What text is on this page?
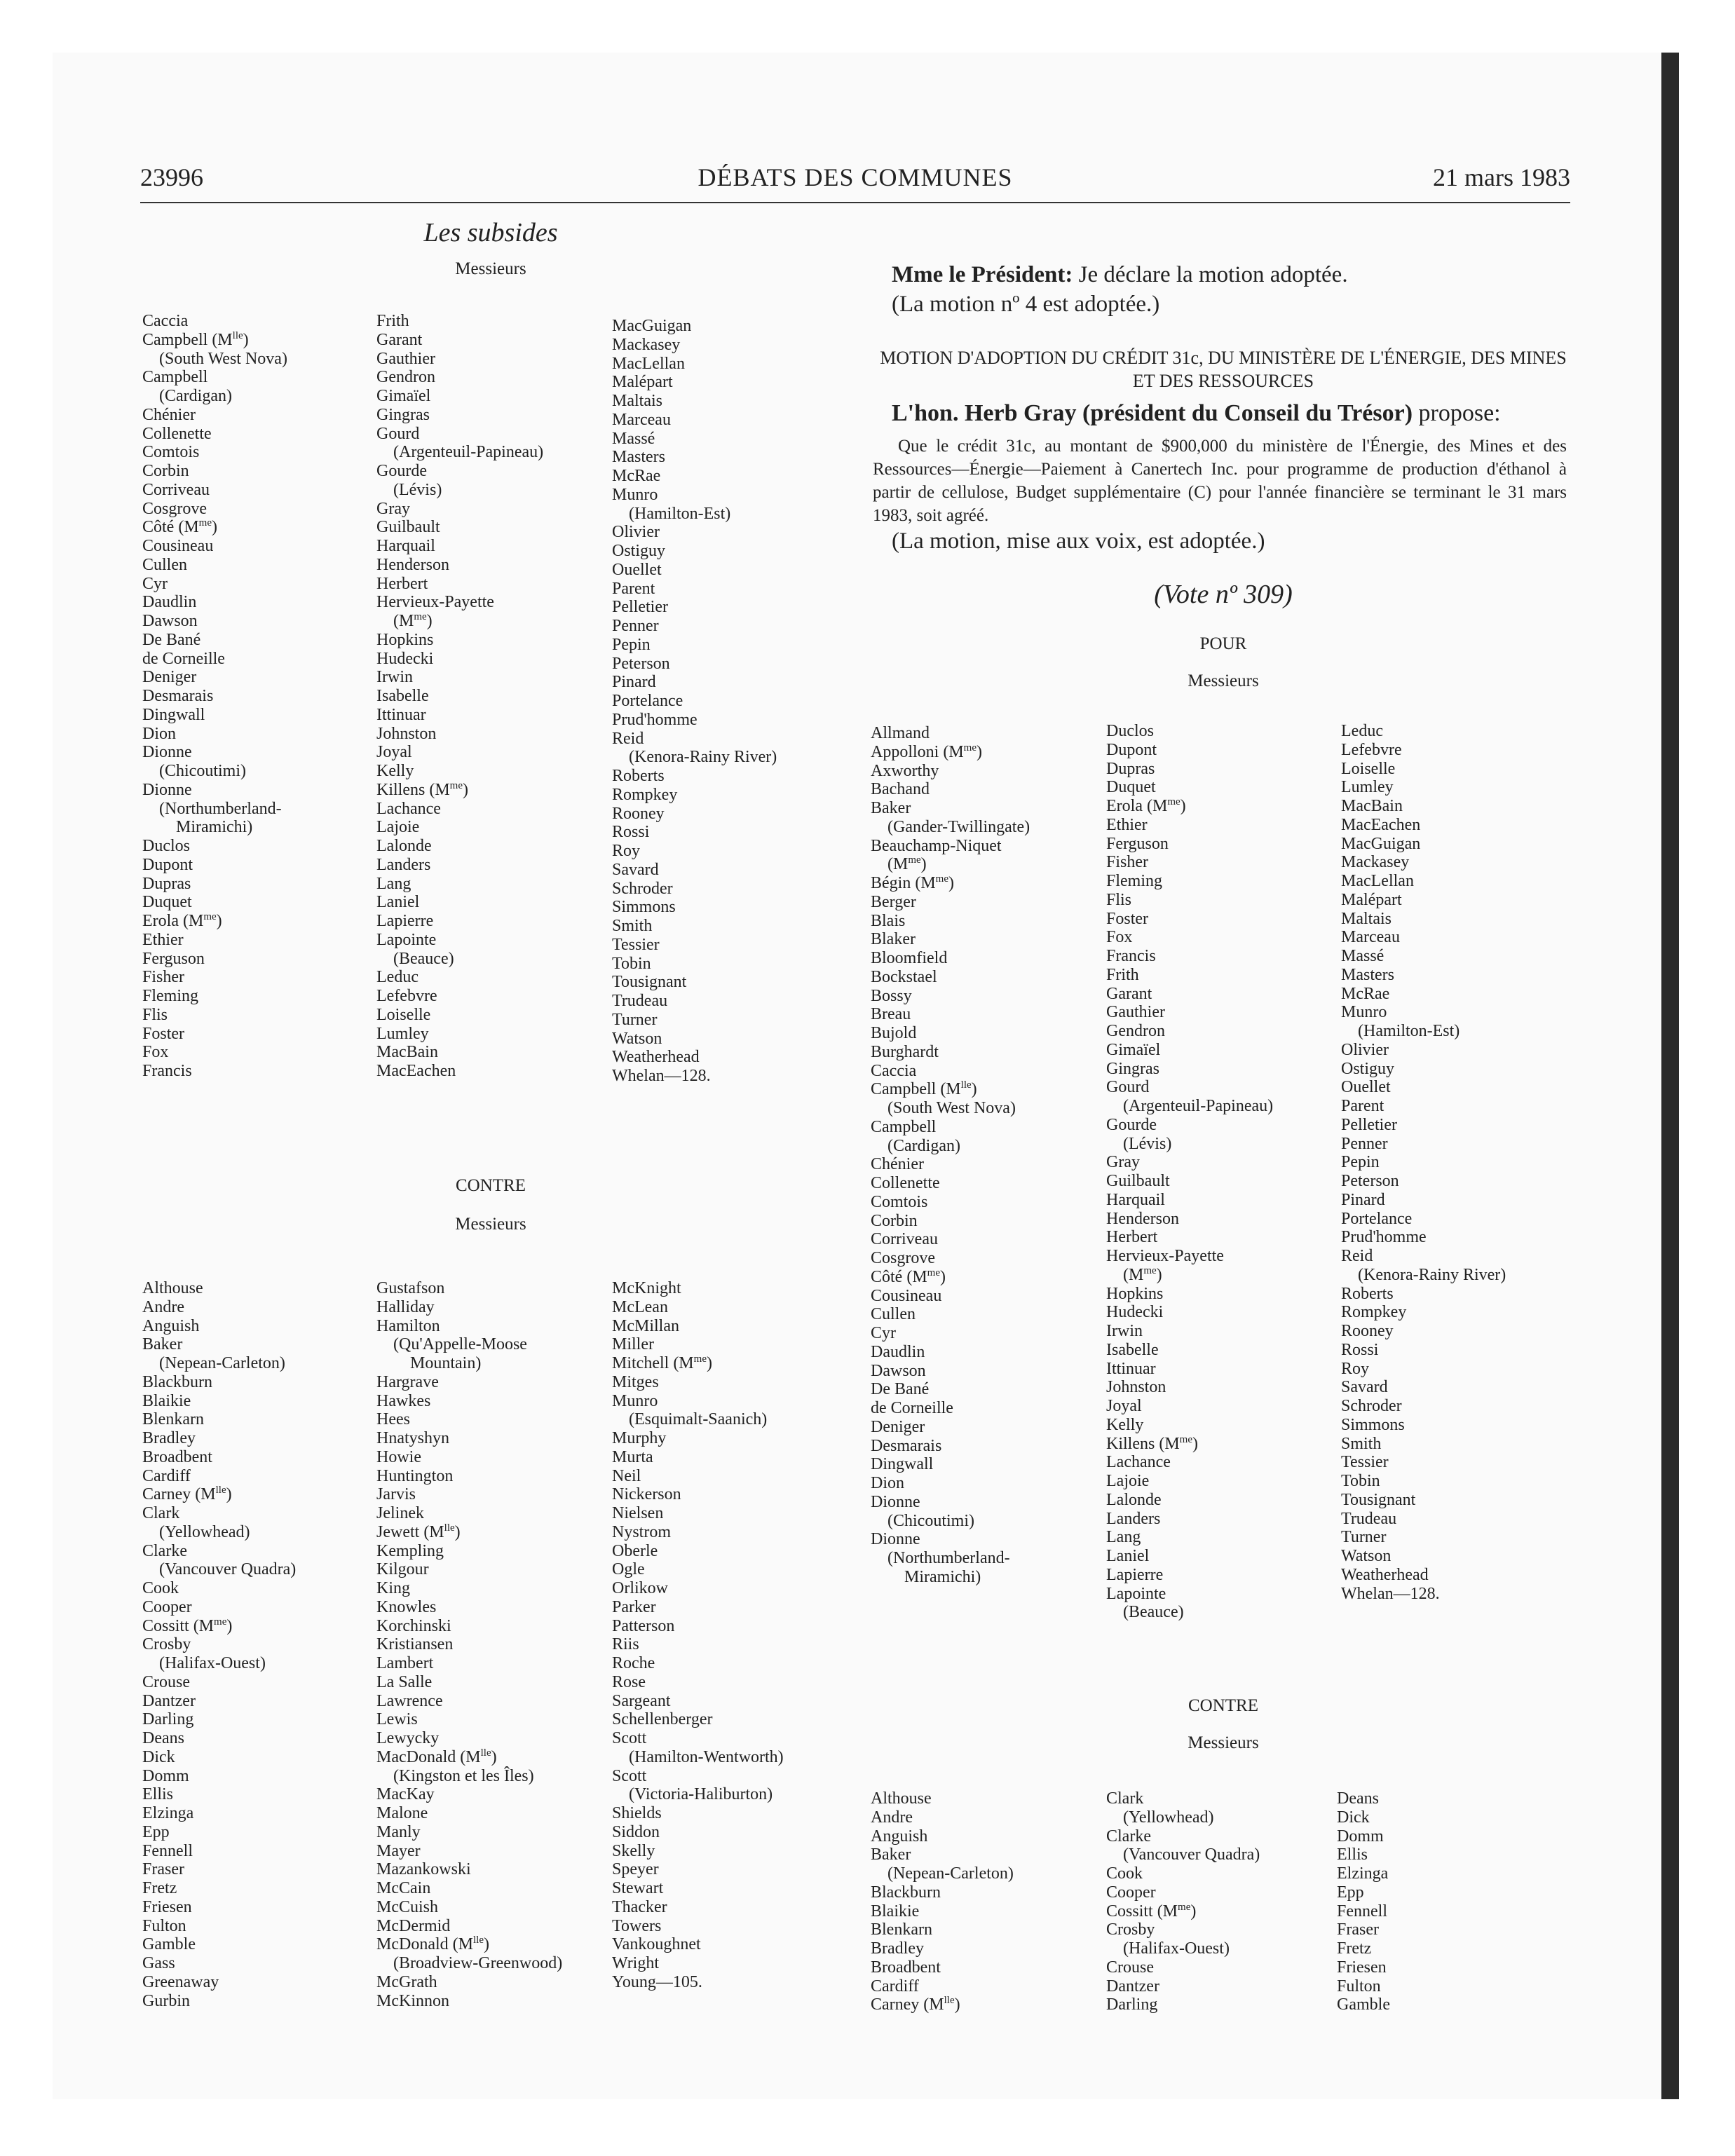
23996	DÉBATS DES COMMUNES	21 mars 1983
Les subsides
Messieurs
Caccia
Campbell $(M^{lle})$
(South West Nova)
Campbell
(Cardigan)
Chénier
Collenette
Comtois
Corbin
Corriveau
Cosgrove
Côté $(M^{me})$
Cousineau
Cullen
Cyr
Daudlin
Dawson
De Bané
de Corneille
Deniger
Desmarais
Dingwall
Dion
Dionne
(Chicoutimi)
Dionne
(Northumberland-
Miramichi)
Duclos
Dupont
Dupras
Duquet
Erola $(M^{me})$
Ethier
Ferguson
Fisher
Fleming
Flis
Foster
Fox
Francis
Frith
Garant
Gauthier
Gendron
Gimaïel
Gingras
Gourd
(Argenteuil-Papineau)
Gourde
(Lévis)
Gray
Guilbault
Harquail
Henderson
Herbert
Hervieux-Payette
$(M^{me})$
Hopkins
Hudecki
Irwin
Isabelle
Ittinuar
Johnston
Joyal
Kelly
Killens $(M^{me})$
Lachance
Lajoie
Lalonde
Landers
Lang
Laniel
Lapierre
Lapointe
(Beauce)
Leduc
Lefebvre
Loiselle
Lumley
MacBain
MacEachen
MacGuigan
Mackasey
MacLellan
Malépart
Maltais
Marceau
Massé
Masters
McRae
Munro
(Hamilton-Est)
Olivier
Ostiguy
Ouellet
Parent
Pelletier
Penner
Pepin
Peterson
Pinard
Portelance
Prud'homme
Reid
(Kenora-Rainy River)
Roberts
Rompkey
Rooney
Rossi
Roy
Savard
Schroder
Simmons
Smith
Tessier
Tobin
Tousignant
Trudeau
Turner
Watson
Weatherhead
Whelan—128.
CONTRE
Messieurs
Althouse
Andre
Anguish
Baker
(Nepean-Carleton)
Blackburn
Blaikie
Blenkarn
Bradley
Broadbent
Cardiff
Carney $(M^{lle})$
Clark
(Yellowhead)
Clarke
(Vancouver Quadra)
Cook
Cooper
Cossitt $(M^{me})$
Crosby
(Halifax-Ouest)
Crouse
Dantzer
Darling
Deans
Dick
Domm
Ellis
Elzinga
Epp
Fennell
Fraser
Fretz
Friesen
Fulton
Gamble
Gass
Greenaway
Gurbin
Gustafson
Halliday
Hamilton
(Qu'Appelle-Moose
Mountain)
Hargrave
Hawkes
Hees
Hnatyshyn
Howie
Huntington
Jarvis
Jelinek
Jewett $(M^{lle})$
Kempling
Kilgour
King
Knowles
Korchinski
Kristiansen
Lambert
La Salle
Lawrence
Lewis
Lewycky
MacDonald $(M^{lle})$
(Kingston et les Îles)
MacKay
Malone
Manly
Mayer
Mazankowski
McCain
McCuish
McDermid
McDonald $(M^{lle})$
(Broadview-Greenwood)
McGrath
McKinnon
McKnight
McLean
McMillan
Miller
Mitchell $(M^{me})$
Mitges
Munro
(Esquimalt-Saanich)
Murphy
Murta
Neil
Nickerson
Nielsen
Nystrom
Oberle
Ogle
Orlikow
Parker
Patterson
Riis
Roche
Rose
Sargeant
Schellenberger
Scott
(Hamilton-Wentworth)
Scott
(Victoria-Haliburton)
Shields
Siddon
Skelly
Speyer
Stewart
Thacker
Towers
Vankoughnet
Wright
Young—105.
Mme le Président: Je déclare la motion adoptée.
(La motion nº 4 est adoptée.)
MOTION D'ADOPTION DU CRÉDIT 31c, DU MINISTÈRE DE L'ÉNERGIE, DES MINES ET DES RESSOURCES
L'hon. Herb Gray (président du Conseil du Trésor) propose:
Que le crédit 31c, au montant de $900,000 du ministère de l'Énergie, des Mines et des Ressources—Énergie—Paiement à Canertech Inc. pour programme de production d'éthanol à partir de cellulose, Budget supplémentaire (C) pour l'année financière se terminant le 31 mars 1983, soit agréé.
(La motion, mise aux voix, est adoptée.)
(Vote nº 309)
POUR
Messieurs
Allmand
Appolloni $(M^{me})$
Axworthy
Bachand
Baker
(Gander-Twillingate)
Beauchamp-Niquet
$(M^{me})$
Bégin $(M^{me})$
Berger
Blais
Blaker
Bloomfield
Bockstael
Bossy
Breau
Bujold
Burghardt
Caccia
Campbell $(M^{lle})$
(South West Nova)
Campbell
(Cardigan)
Chénier
Collenette
Comtois
Corbin
Corriveau
Cosgrove
Côté $(M^{me})$
Cousineau
Cullen
Cyr
Daudlin
Dawson
De Bané
de Corneille
Deniger
Desmarais
Dingwall
Dion
Dionne
(Chicoutimi)
Dionne
(Northumberland-
Miramichi)
Duclos
Dupont
Dupras
Duquet
Erola $(M^{me})$
Ethier
Ferguson
Fisher
Fleming
Flis
Foster
Fox
Francis
Frith
Garant
Gauthier
Gendron
Gimaïel
Gingras
Gourd
(Argenteuil-Papineau)
Gourde
(Lévis)
Gray
Guilbault
Harquail
Henderson
Herbert
Hervieux-Payette
$(M^{me})$
Hopkins
Hudecki
Irwin
Isabelle
Ittinuar
Johnston
Joyal
Kelly
Killens $(M^{me})$
Lachance
Lajoie
Lalonde
Landers
Lang
Laniel
Lapierre
Lapointe
(Beauce)
Leduc
Lefebvre
Loiselle
Lumley
MacBain
MacEachen
MacGuigan
Mackasey
MacLellan
Malépart
Maltais
Marceau
Massé
Masters
McRae
Munro
(Hamilton-Est)
Olivier
Ostiguy
Ouellet
Parent
Pelletier
Penner
Pepin
Peterson
Pinard
Portelance
Prud'homme
Reid
(Kenora-Rainy River)
Roberts
Rompkey
Rooney
Rossi
Roy
Savard
Schroder
Simmons
Smith
Tessier
Tobin
Tousignant
Trudeau
Turner
Watson
Weatherhead
Whelan—128.
CONTRE
Messieurs
Althouse
Andre
Anguish
Baker
(Nepean-Carleton)
Blackburn
Blaikie
Blenkarn
Bradley
Broadbent
Cardiff
Carney $(M^{lle})$
Clark
(Yellowhead)
Clarke
(Vancouver Quadra)
Cook
Cooper
Cossitt $(M^{me})$
Crosby
(Halifax-Ouest)
Crouse
Dantzer
Darling
Deans
Dick
Domm
Ellis
Elzinga
Epp
Fennell
Fraser
Fretz
Friesen
Fulton
Gamble
